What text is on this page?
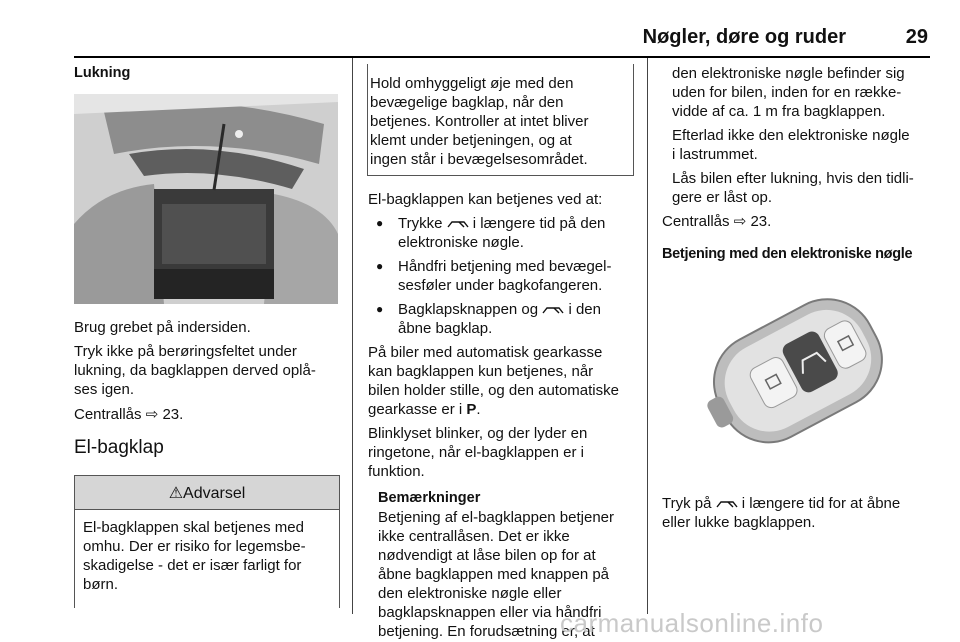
Nøgler, døre og ruder	29
Lukning

Brug grebet på indersiden.

Tryk ikke på berøringsfeltet under
lukning, da bagklappen derved oplå-
ses igen.

Centrallås ⇨ 23.

El-bagklap
⚠Advarsel
El-bagklappen skal betjenes med
omhu. Der er risiko for legemsbe-
skadigelse - det er især farligt for
børn.
Hold omhyggeligt øje med den
bevægelige bagklap, når den
betjenes. Kontroller at intet bliver
klemt under betjeningen, og at
ingen står i bevægelsesområdet.

El-bagklappen kan betjenes ved at:

● Trykke  i længere tid på den
elektroniske nøgle.
● Håndfri betjening med bevægel-
sesføler under bagkofangeren.
● Bagklapsknappen og  i den
åbne bagklap.
På biler med automatisk gearkasse
kan bagklappen kun betjenes, når
bilen holder stille, og den automatiske
gearkasse er i P.
Blinklyset blinker, og der lyder en
ringetone, når el-bagklappen er i
funktion.
Bemærkninger
Betjening af el-bagklappen betjener
ikke centrallåsen. Det er ikke
nødvendigt at låse bilen op for at
åbne bagklappen med knappen på
den elektroniske nøgle eller
bagklapsknappen eller via håndfri
betjening. En forudsætning er, at
den elektroniske nøgle befinder sig
uden for bilen, inden for en række-
vidde af ca. 1 m fra bagklappen.
Efterlad ikke den elektroniske nøgle
i lastrummet.
Lås bilen efter lukning, hvis den tidli-
gere er låst op.

Centrallås ⇨ 23.

Betjening med den elektroniske nøgle
Tryk på  i længere tid for at åbne
eller lukke bagklappen.
carmanualsonline.info
